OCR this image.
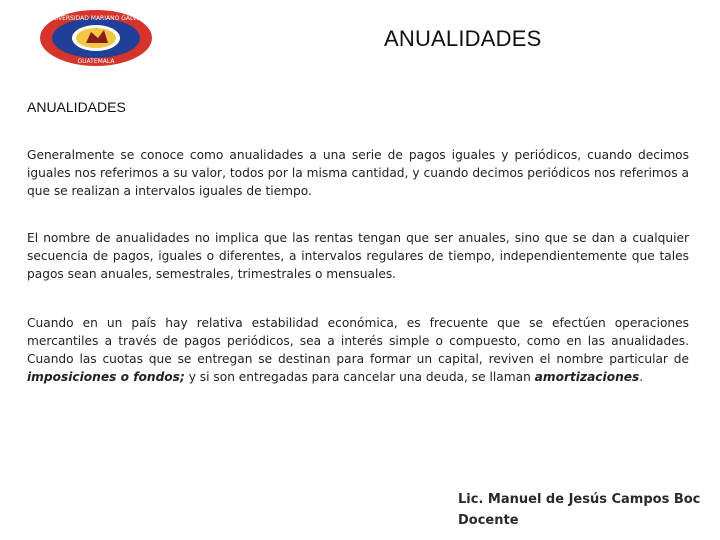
UNIVERSIDAD MARIANO GÁLVEZ
GUATEMALA
ANUALIDADES
ANUALIDADES

Generalmente se conoce como anualidades a una serie de pagos iguales y periódicos, cuando decimos iguales nos referimos a su valor, todos por la misma cantidad, y cuando decimos periódicos nos referimos a que se realizan a intervalos iguales de tiempo.

El nombre de anualidades no implica que las rentas tengan que ser anuales, sino que se dan a cualquier secuencia de pagos, iguales o diferentes, a intervalos regulares de tiempo, independientemente que tales pagos sean anuales, semestrales, trimestrales o mensuales.

Cuando en un país hay relativa estabilidad económica, es frecuente que se efectúen operaciones mercantiles a través de pagos periódicos, sea a interés simple o compuesto, como en las anualidades. Cuando las cuotas que se entregan se destinan para formar un capital, reviven el nombre particular de imposiciones o fondos; y si son entregadas para cancelar una deuda, se llaman amortizaciones.

Lic. Manuel de Jesús Campos Boc
Docente
